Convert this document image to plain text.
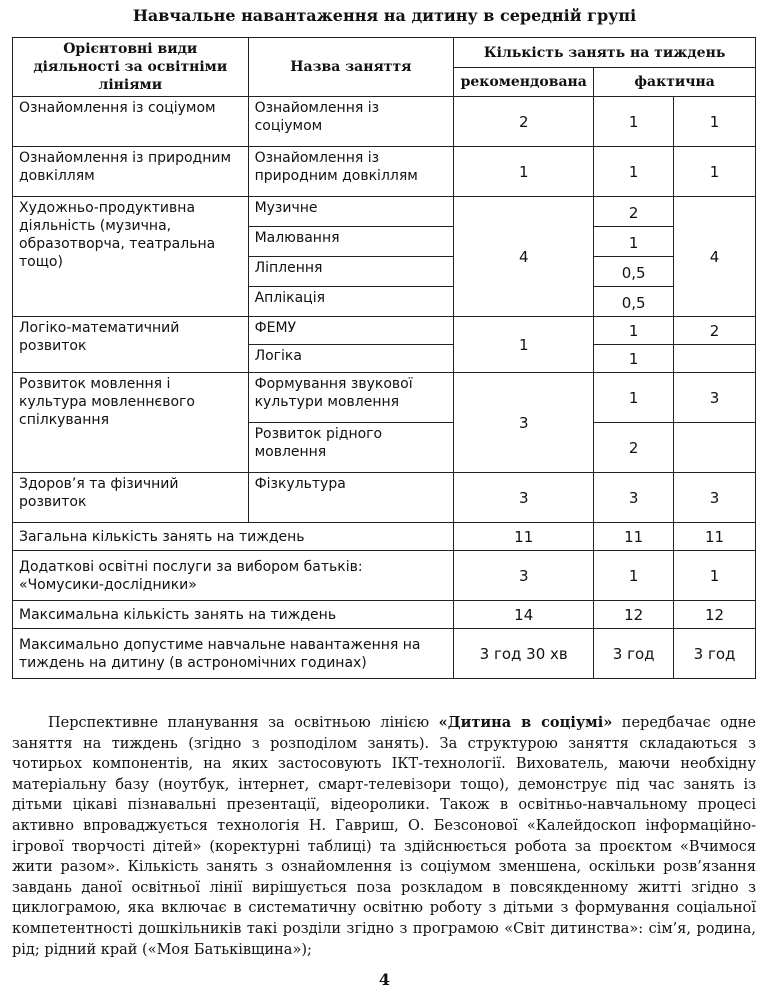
Навчальне навантаження на дитину в середній групі
Орієнтовні види діяльності за освітніми лініями	Назва заняття	Кількість занять на тиждень		
		рекомендована	фактична	
Ознайомлення із соціумом	Ознайомлення із соціумом	2	1	1
Ознайомлення із природним довкіллям	Ознайомлення із природним довкіллям	1	1	1
Художньо-продуктивна діяльність (музична, образотворча, театральна тощо)	Музичне	4	2	4
	Малювання		1	
	Ліплення		0,5	
	Аплікація		0,5	
Логіко-математичний розвиток	ФЕМУ	1	1	2
	Логіка		1	
Розвиток мовлення і культура мовленнєвого спілкування	Формування звукової культури мовлення	3	1	3
	Розвиток рідного мовлення		2	
Здоров’я та фізичний розвиток	Фізкультура	3	3	3
Загальна кількість занять на тиждень		11	11	11
Додаткові освітні послуги за вибором батьків: «Чомусики-дослідники»		3	1	1
Максимальна кількість занять на тиждень		14	12	12
Максимально допустиме навчальне навантаження на тиждень на дитину (в астрономічних годинах)		3 год 30 хв	3 год	3 год

Перспективне планування за освітньою лінією «Дитина в соціумі» передбачає одне заняття на тиждень (згідно з розподілом занять). За структурою заняття складаються з чотирьох компонентів, на яких застосовують ІКТ-технології. Вихователь, маючи необхідну матеріальну базу (ноутбук, інтернет, смарт-телевізори тощо), демонструє під час занять із дітьми цікаві пізнавальні презентації, відеоролики. Також в освітньо-навчальному процесі активно впроваджується технологія Н. Гавриш, О. Безсонової «Калейдоскоп інформаційно-ігрової творчості дітей» (коректурні таблиці) та здійснюється робота за проєктом «Вчимося жити разом». Кількість занять з ознайомлення із соціумом зменшена, оскільки розв’язання завдань даної освітньої лінії вирішується поза розкладом в повсякденному житті згідно з циклограмою, яка включає в систематичну освітню роботу з дітьми з формування соціальної компетентності дошкільників такі розділи згідно з програмою «Світ дитинства»: сім’я, родина, рід; рідний край («Моя Батьківщина»);

4
